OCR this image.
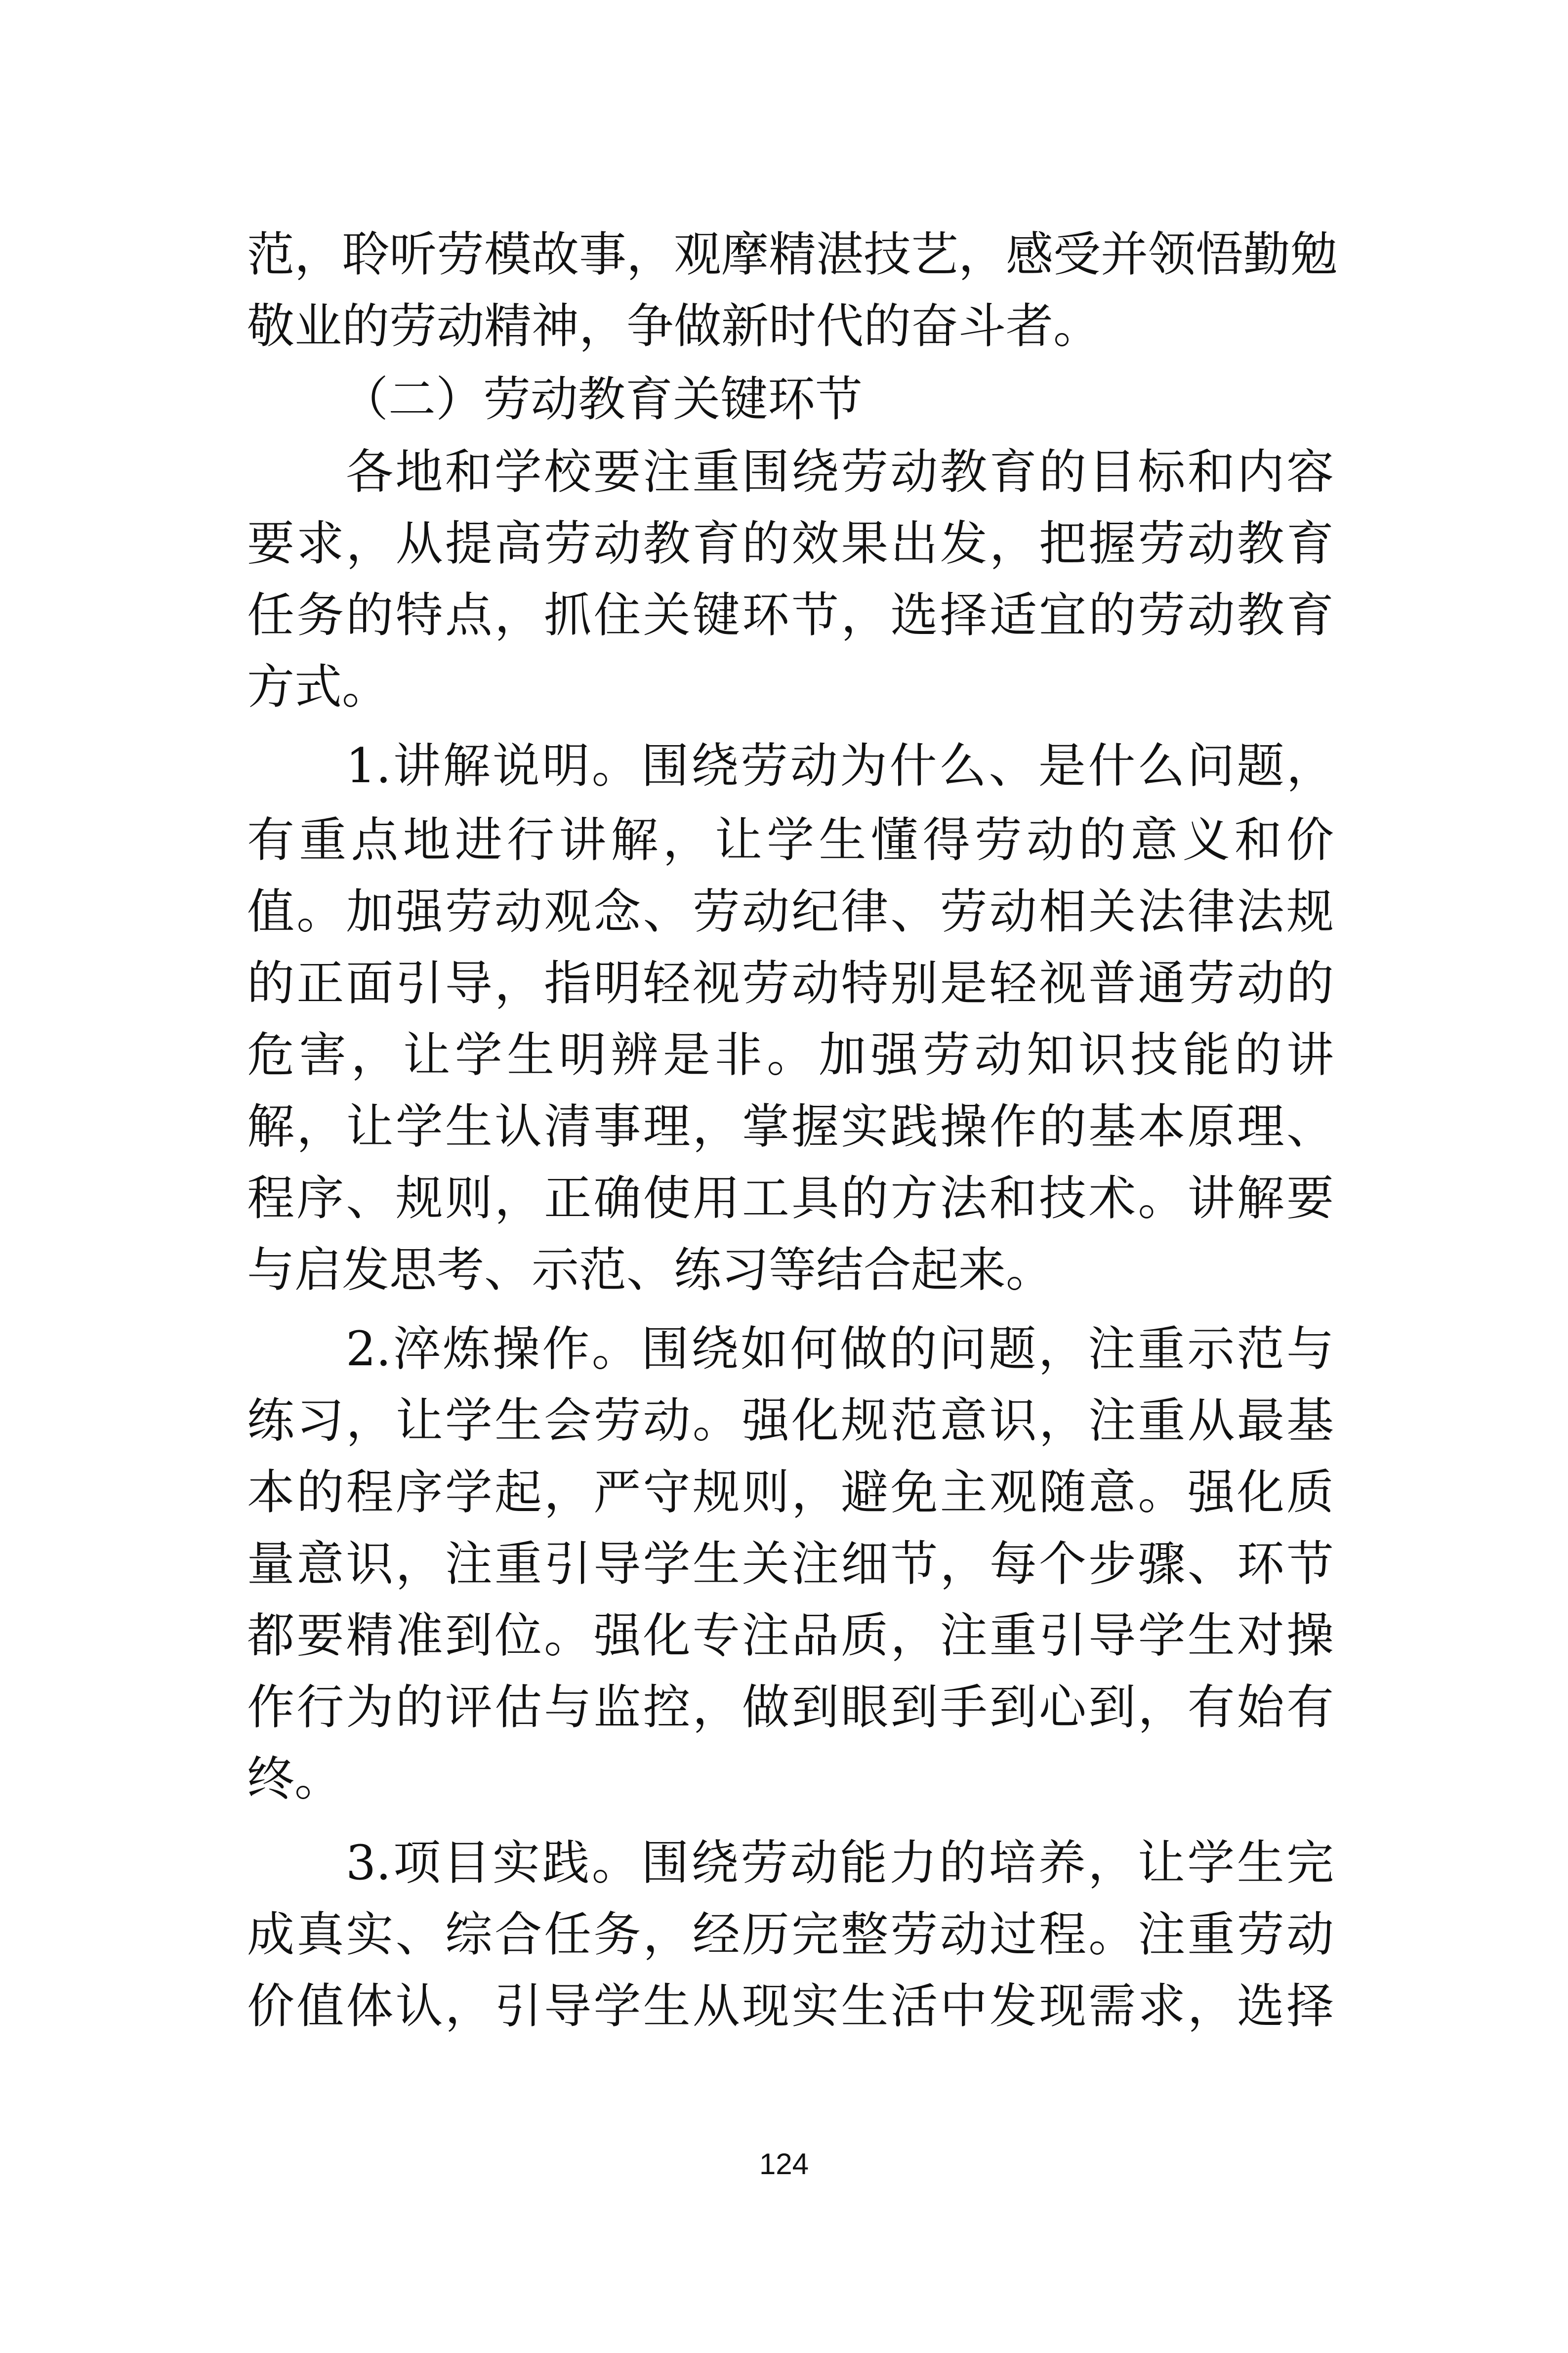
范，聆听劳模故事，观摩精湛技艺，感受并领悟勤勉
敬业的劳动精神，争做新时代的奋斗者。
（二）劳动教育关键环节
各地和学校要注重围绕劳动教育的目标和内容
要求，从提高劳动教育的效果出发，把握劳动教育
任务的特点，抓住关键环节，选择适宜的劳动教育
方式。
1.讲解说明。围绕劳动为什么、是什么问题，
有重点地进行讲解，让学生懂得劳动的意义和价
值。加强劳动观念、劳动纪律、劳动相关法律法规
的正面引导，指明轻视劳动特别是轻视普通劳动的
危害，让学生明辨是非。加强劳动知识技能的讲
解，让学生认清事理，掌握实践操作的基本原理、
程序、规则，正确使用工具的方法和技术。讲解要
与启发思考、示范、练习等结合起来。
2.淬炼操作。围绕如何做的问题，注重示范与
练习，让学生会劳动。强化规范意识，注重从最基
本的程序学起，严守规则，避免主观随意。强化质
量意识，注重引导学生关注细节，每个步骤、环节
都要精准到位。强化专注品质，注重引导学生对操
作行为的评估与监控，做到眼到手到心到，有始有
终。
3.项目实践。围绕劳动能力的培养，让学生完
成真实、综合任务，经历完整劳动过程。注重劳动
价值体认，引导学生从现实生活中发现需求，选择
124
